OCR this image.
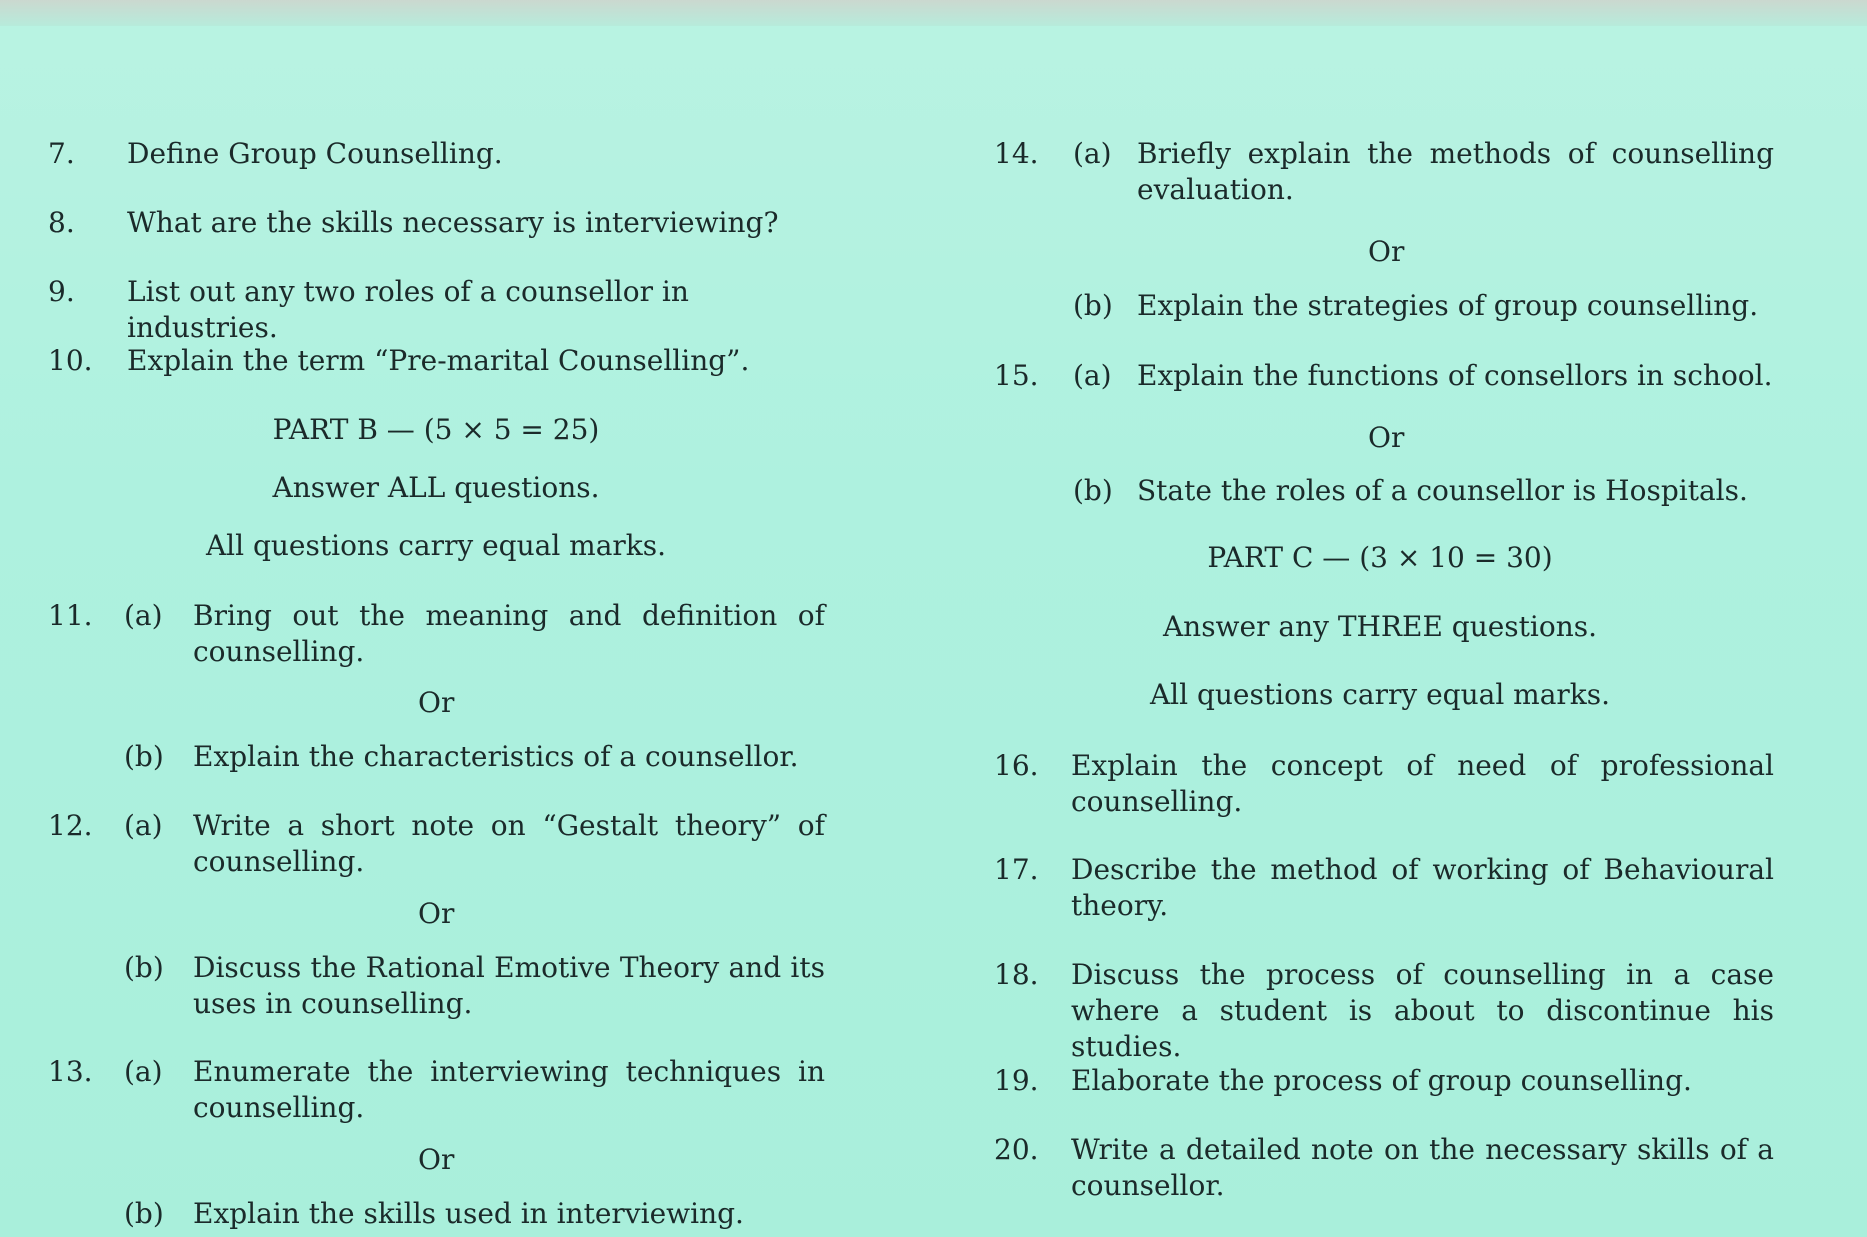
7. Define Group Counselling.
8. What are the skills necessary is interviewing?
9. List out any two roles of a counsellor in industries.
10. Explain the term “Pre-marital Counselling”.
PART B — (5 × 5 = 25)
Answer ALL questions.
All questions carry equal marks.
11. (a) Bring out the meaning and definition of counselling.
Or
(b) Explain the characteristics of a counsellor.
12. (a) Write a short note on “Gestalt theory” of counselling.
Or
(b) Discuss the Rational Emotive Theory and its uses in counselling.
13. (a) Enumerate the interviewing techniques in counselling.
Or
(b) Explain the skills used in interviewing.
14. (a) Briefly explain the methods of counselling evaluation.
Or
(b) Explain the strategies of group counselling.
15. (a) Explain the functions of consellors in school.
Or
(b) State the roles of a counsellor is Hospitals.
PART C — (3 × 10 = 30)
Answer any THREE questions.
All questions carry equal marks.
16. Explain the concept of need of professional counselling.
17. Describe the method of working of Behavioural theory.
18. Discuss the process of counselling in a case where a student is about to discontinue his studies.
19. Elaborate the process of group counselling.
20. Write a detailed note on the necessary skills of a counsellor.
